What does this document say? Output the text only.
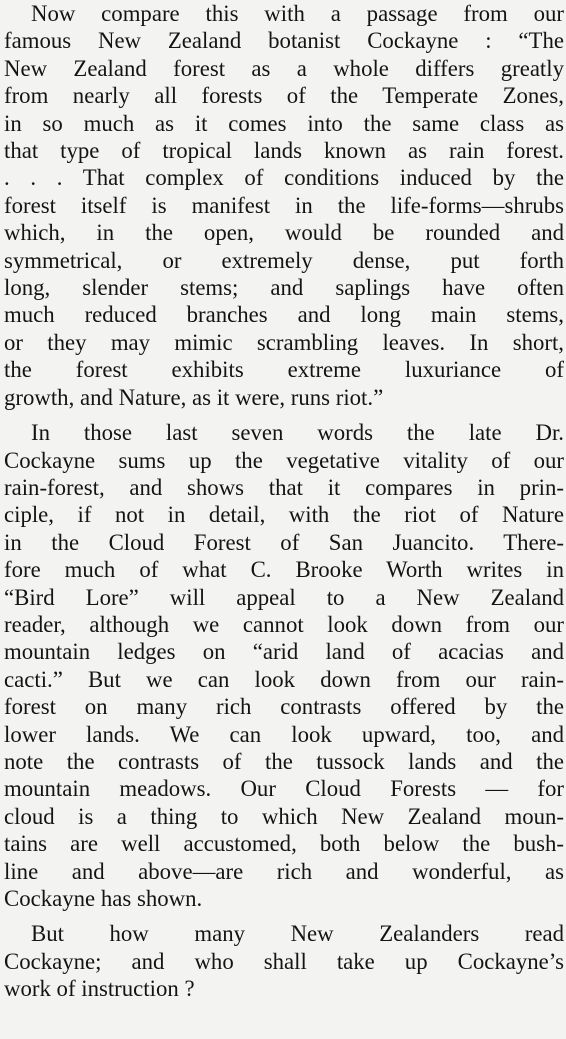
Now compare this with a passage from our
famous New Zealand botanist Cockayne : “The
New Zealand forest as a whole differs greatly
from nearly all forests of the Temperate Zones,
in so much as it comes into the same class as
that type of tropical lands known as rain forest.
. . . That complex of conditions induced by the
forest itself is manifest in the life-forms—shrubs
which, in the open, would be rounded and
symmetrical, or extremely dense, put forth
long, slender stems; and saplings have often
much reduced branches and long main stems,
or they may mimic scrambling leaves. In short,
the forest exhibits extreme luxuriance of
growth, and Nature, as it were, runs riot.”
In those last seven words the late Dr.
Cockayne sums up the vegetative vitality of our
rain-forest, and shows that it compares in prin-
ciple, if not in detail, with the riot of Nature
in the Cloud Forest of San Juancito. There-
fore much of what C. Brooke Worth writes in
“Bird Lore” will appeal to a New Zealand
reader, although we cannot look down from our
mountain ledges on “arid land of acacias and
cacti.” But we can look down from our rain-
forest on many rich contrasts offered by the
lower lands. We can look upward, too, and
note the contrasts of the tussock lands and the
mountain meadows. Our Cloud Forests — for
cloud is a thing to which New Zealand moun-
tains are well accustomed, both below the bush-
line and above—are rich and wonderful, as
Cockayne has shown.
But how many New Zealanders read
Cockayne; and who shall take up Cockayne’s
work of instruction ?
